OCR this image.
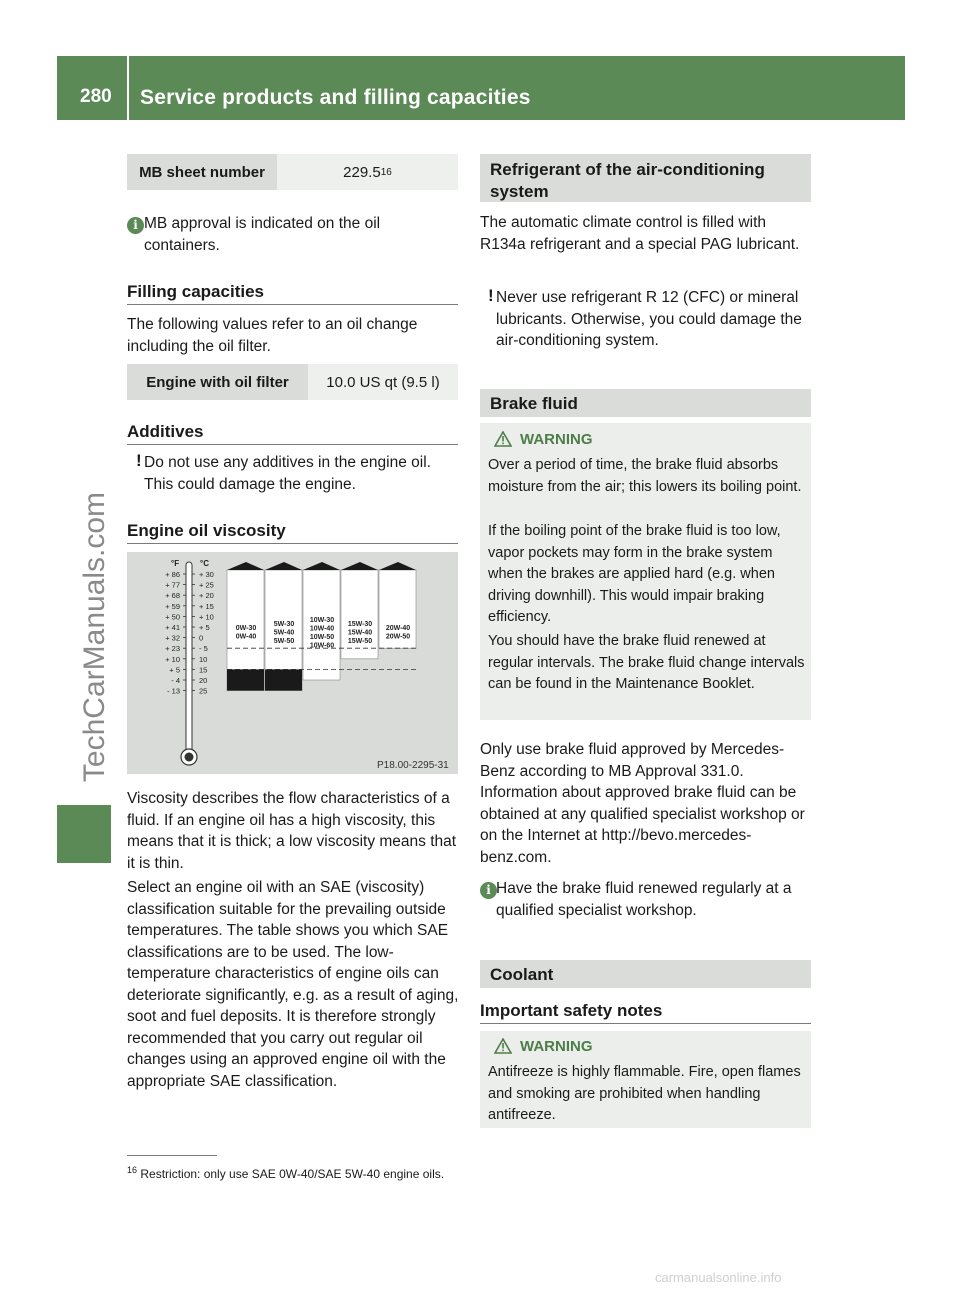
280 Service products and filling capacities
TechCarManuals.com
MB sheet number	229.5 16
i MB approval is indicated on the oil containers.
Filling capacities
The following values refer to an oil change including the oil filter.
Engine with oil filter	10.0 US qt (9.5 l)
Additives
! Do not use any additives in the engine oil. This could damage the engine.
Engine oil viscosity
°F	°C
+ 30
+ 86
+ 25
+ 77
+ 20
+ 68
+ 15
+ 59
+ 10
+ 50
+ 5
+ 41
0
+ 32
- 5
+ 23
10
+ 10
15
+ 5
20
- 4
25
- 13
0W-30
0W-40
5W-30
5W-40
5W-50
10W-30
10W-40
10W-50
10W-60
15W-30
15W-40
15W-50
20W-40
20W-50
P18.00-2295-31
Viscosity describes the flow characteristics of a fluid. If an engine oil has a high viscosity, this means that it is thick; a low viscosity means that it is thin.
Select an engine oil with an SAE (viscosity) classification suitable for the prevailing outside temperatures. The table shows you which SAE classifications are to be used. The low-temperature characteristics of engine oils can deteriorate significantly, e.g. as a result of aging, soot and fuel deposits. It is therefore strongly recommended that you carry out regular oil changes using an approved engine oil with the appropriate SAE classification.
Refrigerant of the air-conditioning system
The automatic climate control is filled with R134a refrigerant and a special PAG lubricant.
! Never use refrigerant R 12 (CFC) or mineral lubricants. Otherwise, you could damage the air-conditioning system.
Brake fluid
WARNING
Over a period of time, the brake fluid absorbs moisture from the air; this lowers its boiling point.
If the boiling point of the brake fluid is too low, vapor pockets may form in the brake system when the brakes are applied hard (e.g. when driving downhill). This would impair braking efficiency.
You should have the brake fluid renewed at regular intervals. The brake fluid change intervals can be found in the Maintenance Booklet.
Only use brake fluid approved by Mercedes-Benz according to MB Approval 331.0.
Information about approved brake fluid can be obtained at any qualified specialist workshop or on the Internet at http://bevo.mercedes-benz.com.
i Have the brake fluid renewed regularly at a qualified specialist workshop.
Coolant
Important safety notes
WARNING
Antifreeze is highly flammable. Fire, open flames and smoking are prohibited when handling antifreeze.
$^{16}$ Restriction: only use SAE 0W-40/SAE 5W-40 engine oils.
carmanualsonline.info
